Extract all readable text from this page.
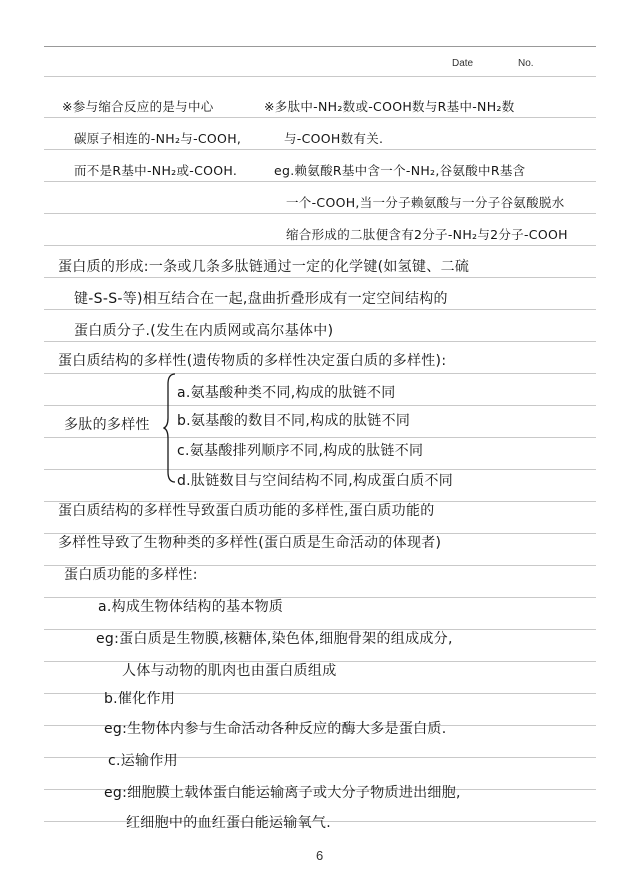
Date	No.
※参与缩合反应的是与中心
碳原子相连的-NH₂与-COOH,
而不是R基中-NH₂或-COOH.
※多肽中-NH₂数或-COOH数与R基中-NH₂数
与-COOH数有关.
eg.赖氨酸R基中含一个-NH₂,谷氨酸中R基含
一个-COOH,当一分子赖氨酸与一分子谷氨酸脱水
缩合形成的二肽便含有2分子-NH₂与2分子-COOH
蛋白质的形成:一条或几条多肽链通过一定的化学键(如氢键、二硫
键-S-S-等)相互结合在一起,盘曲折叠形成有一定空间结构的
蛋白质分子.(发生在内质网或高尔基体中)
蛋白质结构的多样性(遗传物质的多样性决定蛋白质的多样性):
多肽的多样性
a.氨基酸种类不同,构成的肽链不同
b.氨基酸的数目不同,构成的肽链不同
c.氨基酸排列顺序不同,构成的肽链不同
d.肽链数目与空间结构不同,构成蛋白质不同
蛋白质结构的多样性导致蛋白质功能的多样性,蛋白质功能的
多样性导致了生物种类的多样性(蛋白质是生命活动的体现者)
蛋白质功能的多样性:
a.构成生物体结构的基本物质
eg:蛋白质是生物膜,核糖体,染色体,细胞骨架的组成成分,
人体与动物的肌肉也由蛋白质组成
b.催化作用
eg:生物体内参与生命活动各种反应的酶大多是蛋白质.
c.运输作用
eg:细胞膜上载体蛋白能运输离子或大分子物质进出细胞,
红细胞中的血红蛋白能运输氧气.
6
